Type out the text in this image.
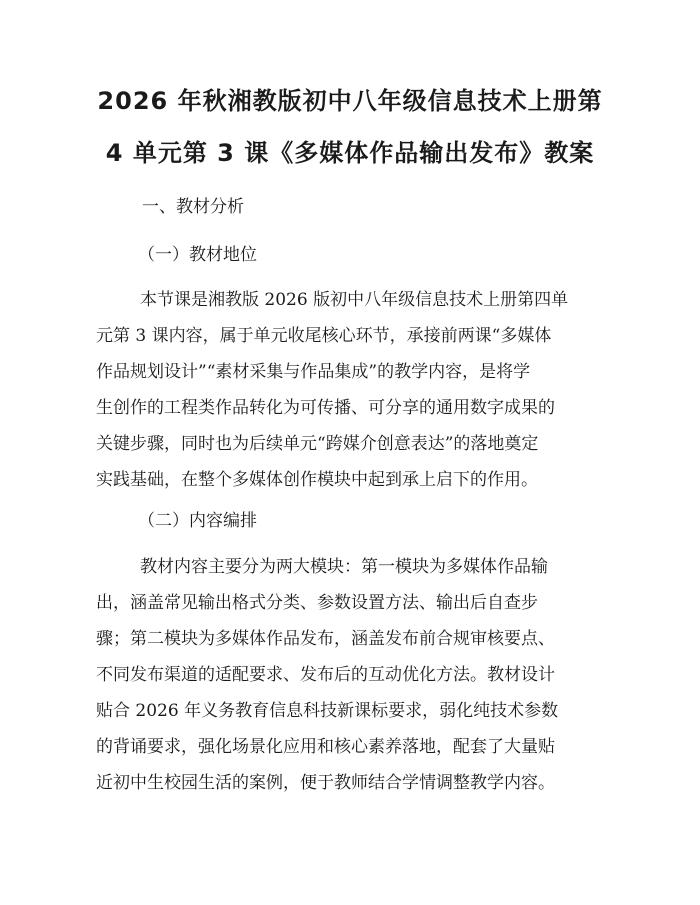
2026 年秋湘教版初中八年级信息技术上册第
4 单元第 3 课《多媒体作品输出发布》教案
一、教材分析
（一）教材地位
本节课是湘教版 2026 版初中八年级信息技术上册第四单
元第 3 课内容，属于单元收尾核心环节，承接前两课“多媒体
作品规划设计”“素材采集与作品集成”的教学内容，是将学
生创作的工程类作品转化为可传播、可分享的通用数字成果的
关键步骤，同时也为后续单元“跨媒介创意表达”的落地奠定
实践基础，在整个多媒体创作模块中起到承上启下的作用。
（二）内容编排
教材内容主要分为两大模块：第一模块为多媒体作品输
出，涵盖常见输出格式分类、参数设置方法、输出后自查步
骤；第二模块为多媒体作品发布，涵盖发布前合规审核要点、
不同发布渠道的适配要求、发布后的互动优化方法。教材设计
贴合 2026 年义务教育信息科技新课标要求，弱化纯技术参数
的背诵要求，强化场景化应用和核心素养落地，配套了大量贴
近初中生校园生活的案例，便于教师结合学情调整教学内容。
